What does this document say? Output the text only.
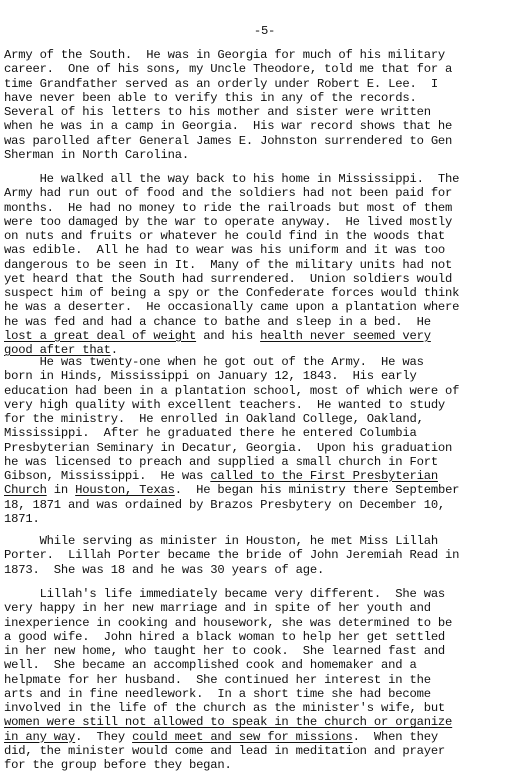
-5-
Army of the South.  He was in Georgia for much of his military
career.  One of his sons, my Uncle Theodore, told me that for a
time Grandfather served as an orderly under Robert E. Lee.  I
have never been able to verify this in any of the records.
Several of his letters to his mother and sister were written
when he was in a camp in Georgia.  His war record shows that he
was parolled after General James E. Johnston surrendered to Gen
Sherman in North Carolina.
He walked all the way back to his home in Mississippi.  The
Army had run out of food and the soldiers had not been paid for
months.  He had no money to ride the railroads but most of them
were too damaged by the war to operate anyway.  He lived mostly
on nuts and fruits or whatever he could find in the woods that
was edible.  All he had to wear was his uniform and it was too
dangerous to be seen in It.  Many of the military units had not
yet heard that the South had surrendered.  Union soldiers would
suspect him of being a spy or the Confederate forces would think
he was a deserter.  He occasionally came upon a plantation where
he was fed and had a chance to bathe and sleep in a bed.  He
lost a great deal of weight and his health never seemed very
good after that.
He was twenty-one when he got out of the Army.  He was
born in Hinds, Mississippi on January 12, 1843.  His early
education had been in a plantation school, most of which were of
very high quality with excellent teachers.  He wanted to study
for the ministry.  He enrolled in Oakland College, Oakland,
Mississippi.  After he graduated there he entered Columbia
Presbyterian Seminary in Decatur, Georgia.  Upon his graduation
he was licensed to preach and supplied a small church in Fort
Gibson, Mississippi.  He was called to the First Presbyterian
Church in Houston, Texas.  He began his ministry there September
18, 1871 and was ordained by Brazos Presbytery on December 10,
1871.
While serving as minister in Houston, he met Miss Lillah
Porter.  Lillah Porter became the bride of John Jeremiah Read in
1873.  She was 18 and he was 30 years of age.
Lillah's life immediately became very different.  She was
very happy in her new marriage and in spite of her youth and
inexperience in cooking and housework, she was determined to be
a good wife.  John hired a black woman to help her get settled
in her new home, who taught her to cook.  She learned fast and
well.  She became an accomplished cook and homemaker and a
helpmate for her husband.  She continued her interest in the
arts and in fine needlework.  In a short time she had become
involved in the life of the church as the minister's wife, but
women were still not allowed to speak in the church or organize
in any way.  They could meet and sew for missions.  When they
did, the minister would come and lead in meditation and prayer
for the group before they began.
